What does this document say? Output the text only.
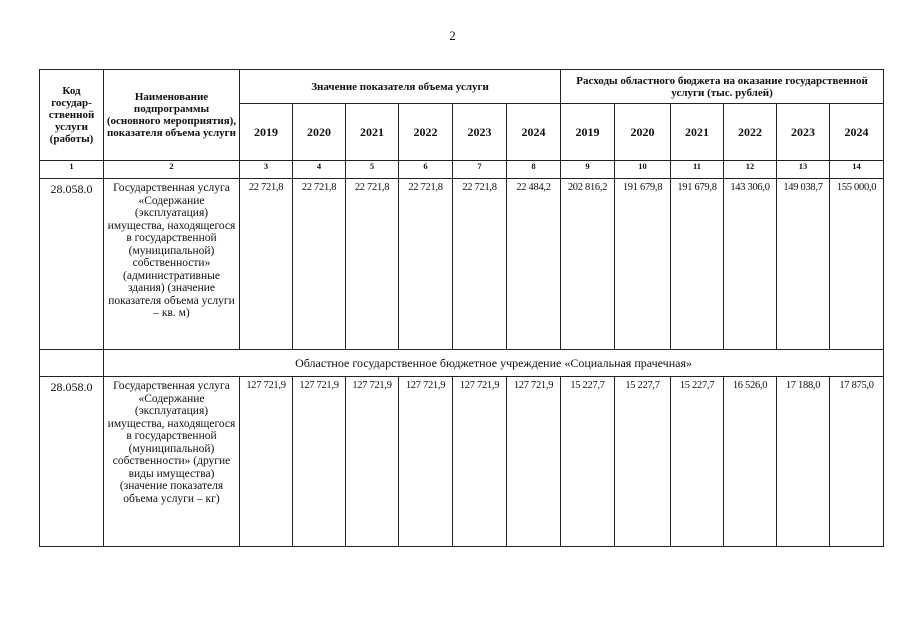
2
Код государ-ственной услуги (работы)	Наименование подпрограммы (основного мероприятия), показателя объема услуги	Значение показателя объема услуги						Расходы областного бюджета на оказание государственной услуги (тыс. рублей)					
		2019	2020	2021	2022	2023	2024	2019	2020	2021	2022	2023	2024
1	2	3	4	5	6	7	8	9	10	11	12	13	14
28.058.0	Государственная услуга «Содержание (эксплуатация) имущества, находящегося в государственной (муниципальной) собственности» (административные здания) (значение показателя объема услуги – кв. м)	22 721,8	22 721,8	22 721,8	22 721,8	22 721,8	22 484,2	202 816,2	191 679,8	191 679,8	143 306,0	149 038,7	155 000,0
	Областное государственное бюджетное учреждение «Социальная прачечная»												
28.058.0	Государственная услуга «Содержание (эксплуатация) имущества, находящегося в государственной (муниципальной) собственности» (другие виды имущества) (значение показателя объема услуги – кг)	127 721,9	127 721,9	127 721,9	127 721,9	127 721,9	127 721,9	15 227,7	15 227,7	15 227,7	16 526,0	17 188,0	17 875,0
